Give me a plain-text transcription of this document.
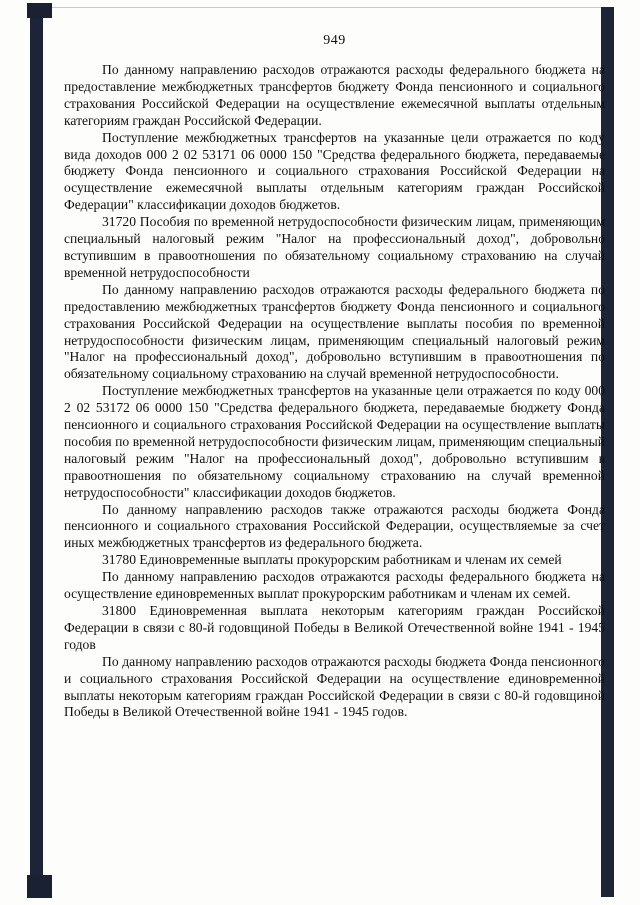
949

По данному направлению расходов отражаются расходы федерального бюджета на предоставление межбюджетных трансфертов бюджету Фонда пенсионного и социального страхования Российской Федерации на осуществление ежемесячной выплаты отдельным категориям граждан Российской Федерации.

Поступление межбюджетных трансфертов на указанные цели отражается по коду вида доходов 000 2 02 53171 06 0000 150 "Средства федерального бюджета, передаваемые бюджету Фонда пенсионного и социального страхования Российской Федерации на осуществление ежемесячной выплаты отдельным категориям граждан Российской Федерации" классификации доходов бюджетов.

31720 Пособия по временной нетрудоспособности физическим лицам, применяющим специальный налоговый режим "Налог на профессиональный доход", добровольно вступившим в правоотношения по обязательному социальному страхованию на случай временной нетрудоспособности

По данному направлению расходов отражаются расходы федерального бюджета по предоставлению межбюджетных трансфертов бюджету Фонда пенсионного и социального страхования Российской Федерации на осуществление выплаты пособия по временной нетрудоспособности физическим лицам, применяющим специальный налоговый режим "Налог на профессиональный доход", добровольно вступившим в правоотношения по обязательному социальному страхованию на случай временной нетрудоспособности.

Поступление межбюджетных трансфертов на указанные цели отражается по коду 000 2 02 53172 06 0000 150 "Средства федерального бюджета, передаваемые бюджету Фонда пенсионного и социального страхования Российской Федерации на осуществление выплаты пособия по временной нетрудоспособности физическим лицам, применяющим специальный налоговый режим "Налог на профессиональный доход", добровольно вступившим в правоотношения по обязательному социальному страхованию на случай временной нетрудоспособности" классификации доходов бюджетов.

По данному направлению расходов также отражаются расходы бюджета Фонда пенсионного и социального страхования Российской Федерации, осуществляемые за счет иных межбюджетных трансфертов из федерального бюджета.

31780 Единовременные выплаты прокурорским работникам и членам их семей

По данному направлению расходов отражаются расходы федерального бюджета на осуществление единовременных выплат прокурорским работникам и членам их семей.

31800 Единовременная выплата некоторым категориям граждан Российской Федерации в связи с 80-й годовщиной Победы в Великой Отечественной войне 1941 - 1945 годов

По данному направлению расходов отражаются расходы бюджета Фонда пенсионного и социального страхования Российской Федерации на осуществление единовременной выплаты некоторым категориям граждан Российской Федерации в связи с 80-й годовщиной Победы в Великой Отечественной войне 1941 - 1945 годов.
